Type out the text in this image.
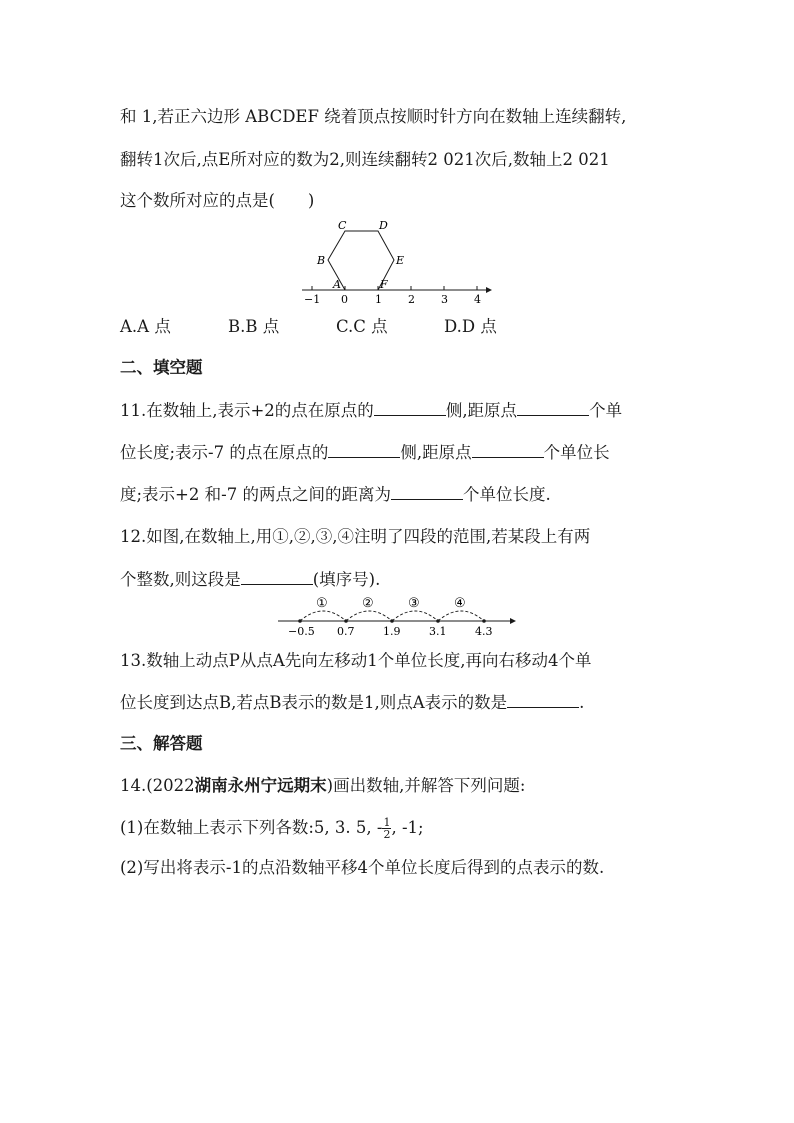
和 1,若正六边形 ABCDEF 绕着顶点按顺时针方向在数轴上连续翻转,
翻转1次后,点E所对应的数为2,则连续翻转2 021次后,数轴上2 021
这个数所对应的点是(　　)
A
B
C	D
E
F
−1 0 1 2 3 4
A.A 点	B.B 点	C.C 点	D.D 点
二、填空题
11.在数轴上,表示+2的点在原点的	侧,距原点	个单
位长度;表示-7 的点在原点的	侧,距原点	个单位长
度;表示+2 和-7 的两点之间的距离为	个单位长度.
12.如图,在数轴上,用①,②,③,④注明了四段的范围,若某段上有两
个整数,则这段是	(填序号).
①	②	③	④
−0.5 0.7	1.9	3.1	4.3
13.数轴上动点P从点A先向左移动1个单位长度,再向右移动4个单
位长度到达点B,若点B表示的数是1,则点A表示的数是	.
三、解答题
14.(2022湖南永州宁远期末)画出数轴,并解答下列问题:
(1)在数轴上表示下列各数:5, 3. 5, - $\frac{1}{2}$ , -1;
(2)写出将表示-1的点沿数轴平移4个单位长度后得到的点表示的数.
